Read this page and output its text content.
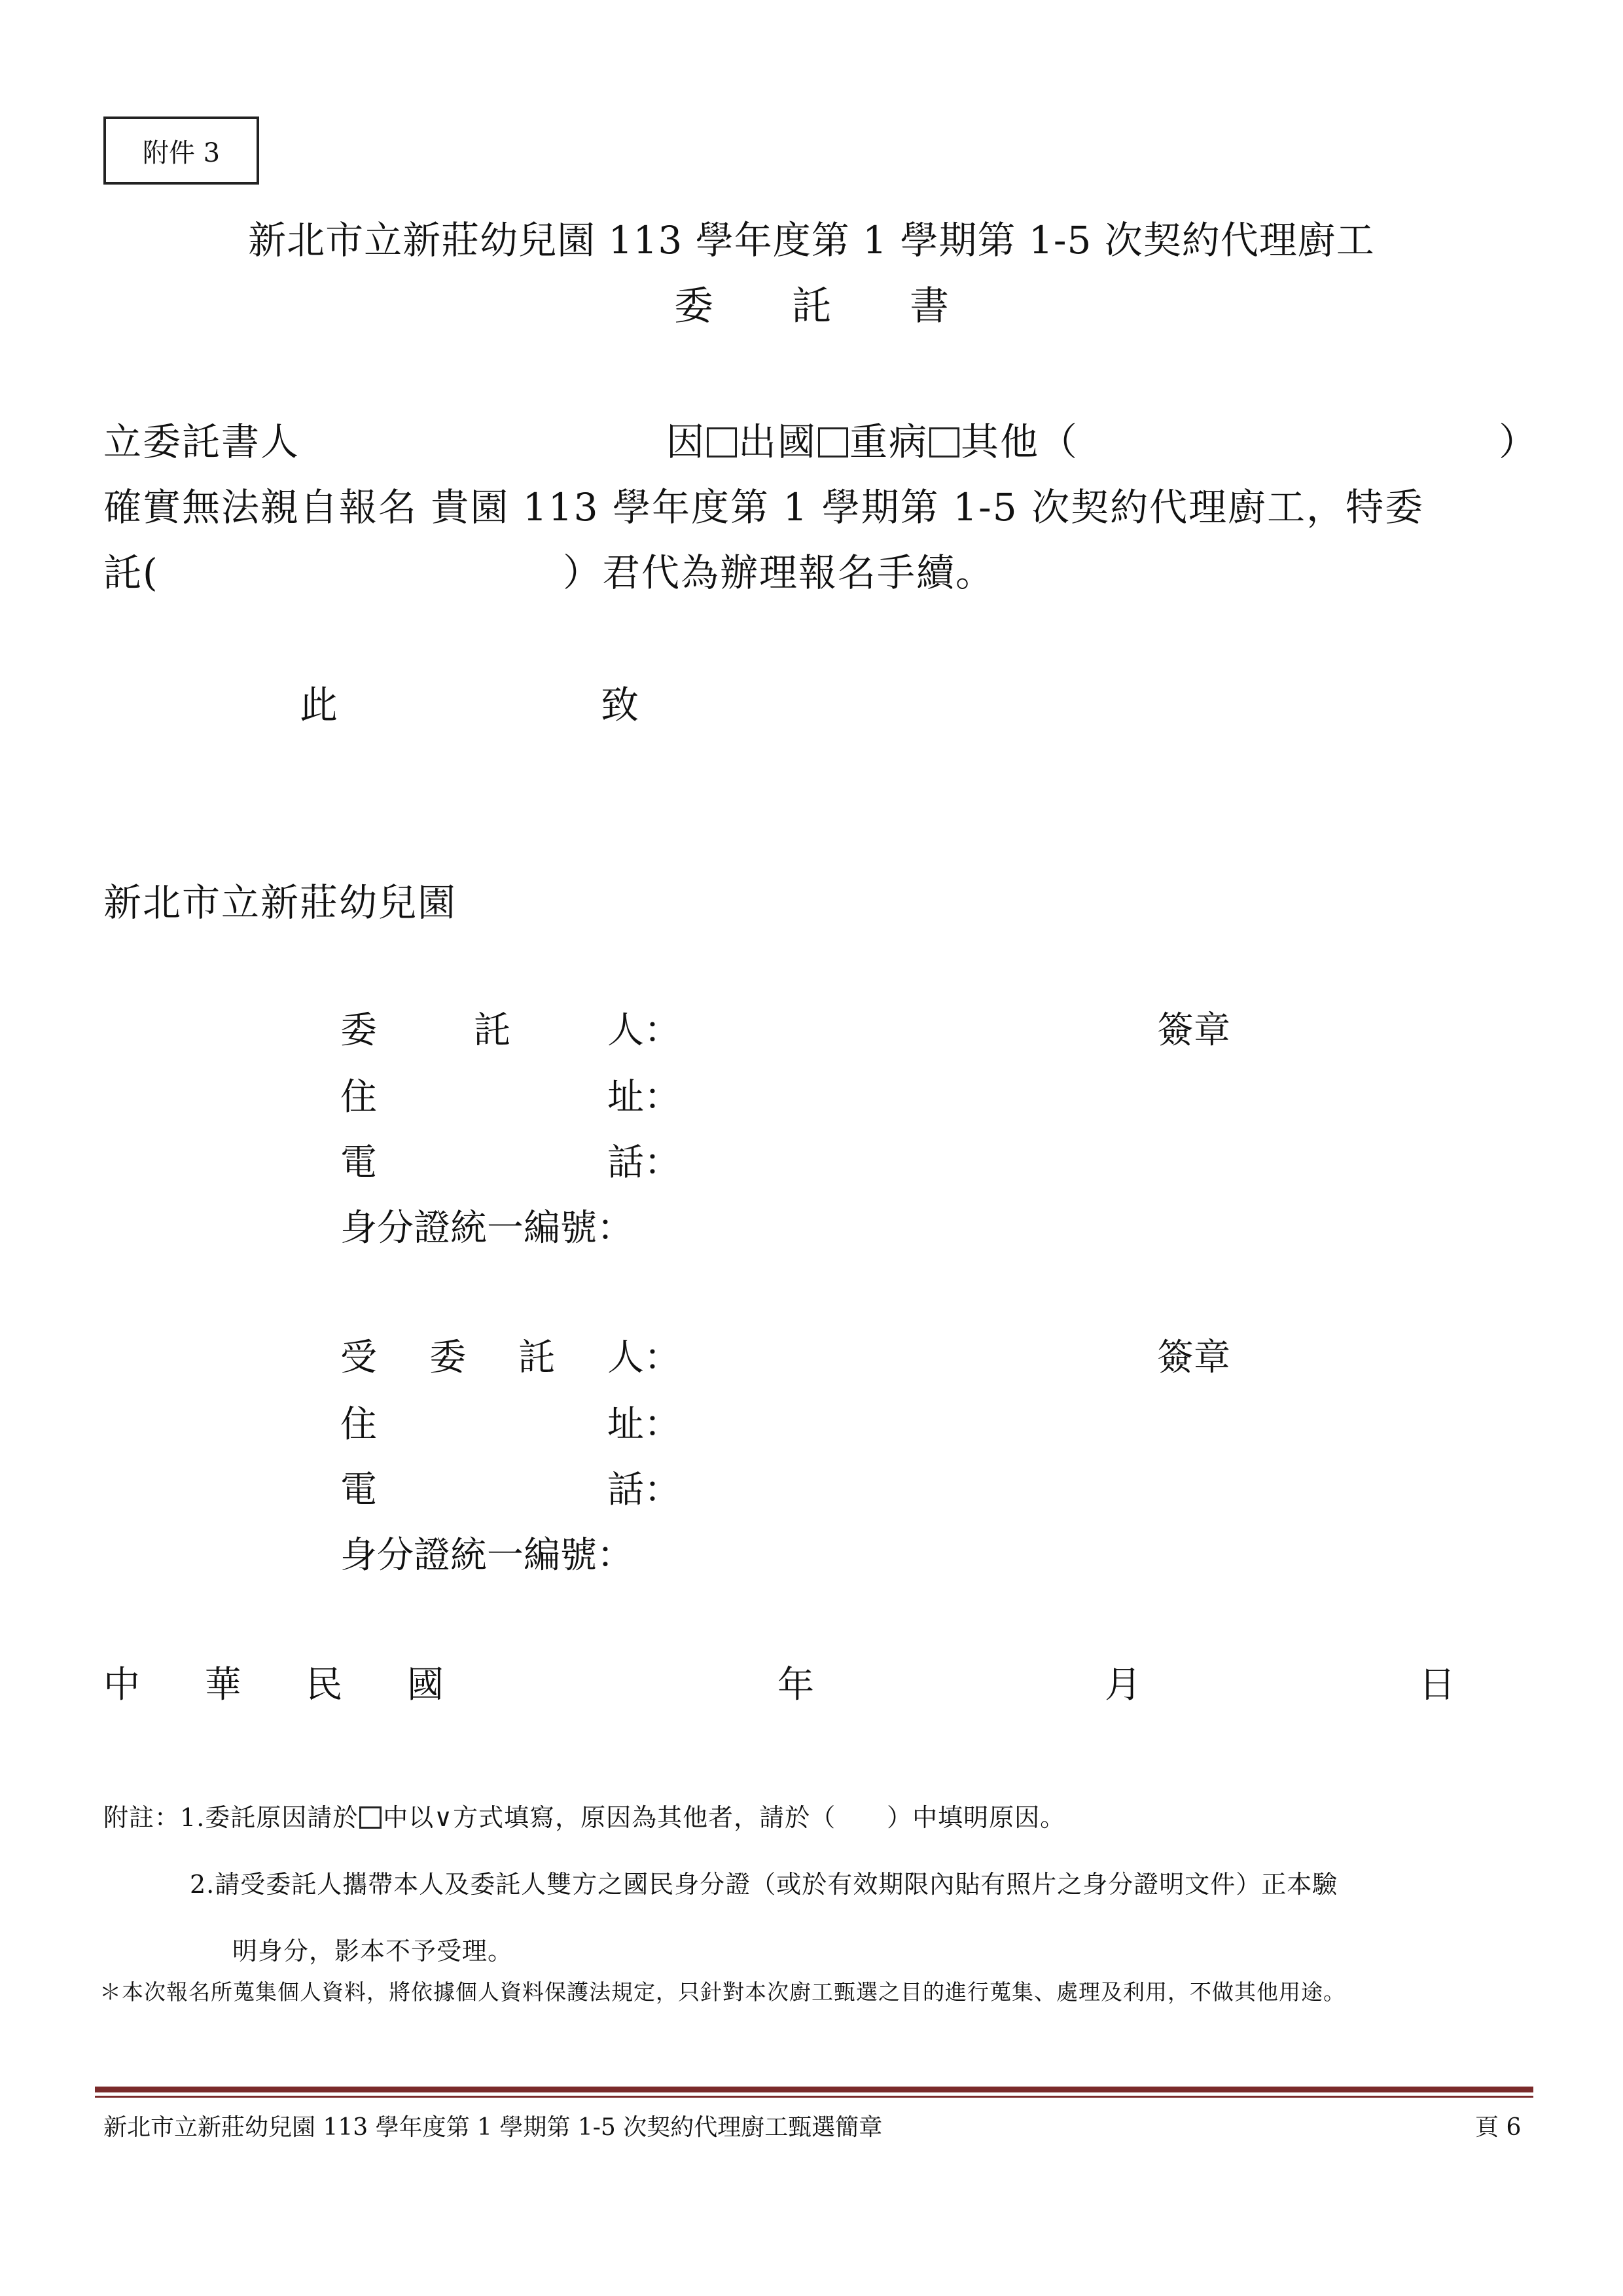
附件 3
新北市立新莊幼兒園 113 學年度第 1 學期第 1-5 次契約代理廚工
委 託 書
立委託書人	因 出國 重病 其他（	）
確實無法親自報名 貴園 113 學年度第 1 學期第 1-5 次契約代理廚工，特委
託(	）君代為辦理報名手續。
此	致
新北市立新莊幼兒園
委	託	人：	簽章
住	址：
電	話：
身分證統一編號：
受 委 託 人：	簽章
住	址：
電	話：
身分證統一編號：
中 華 民 國	年	月	日
附註：1.委託原因請於 中以∨方式填寫，原因為其他者，請於（　　）中填明原因。
2.請受委託人攜帶本人及委託人雙方之國民身分證（或於有效期限內貼有照片之身分證明文件）正本驗
明身分，影本不予受理。
＊本次報名所蒐集個人資料，將依據個人資料保護法規定，只針對本次廚工甄選之目的進行蒐集、處理及利用，不做其他用途。
新北市立新莊幼兒園 113 學年度第 1 學期第 1-5 次契約代理廚工甄選簡章	頁 6
